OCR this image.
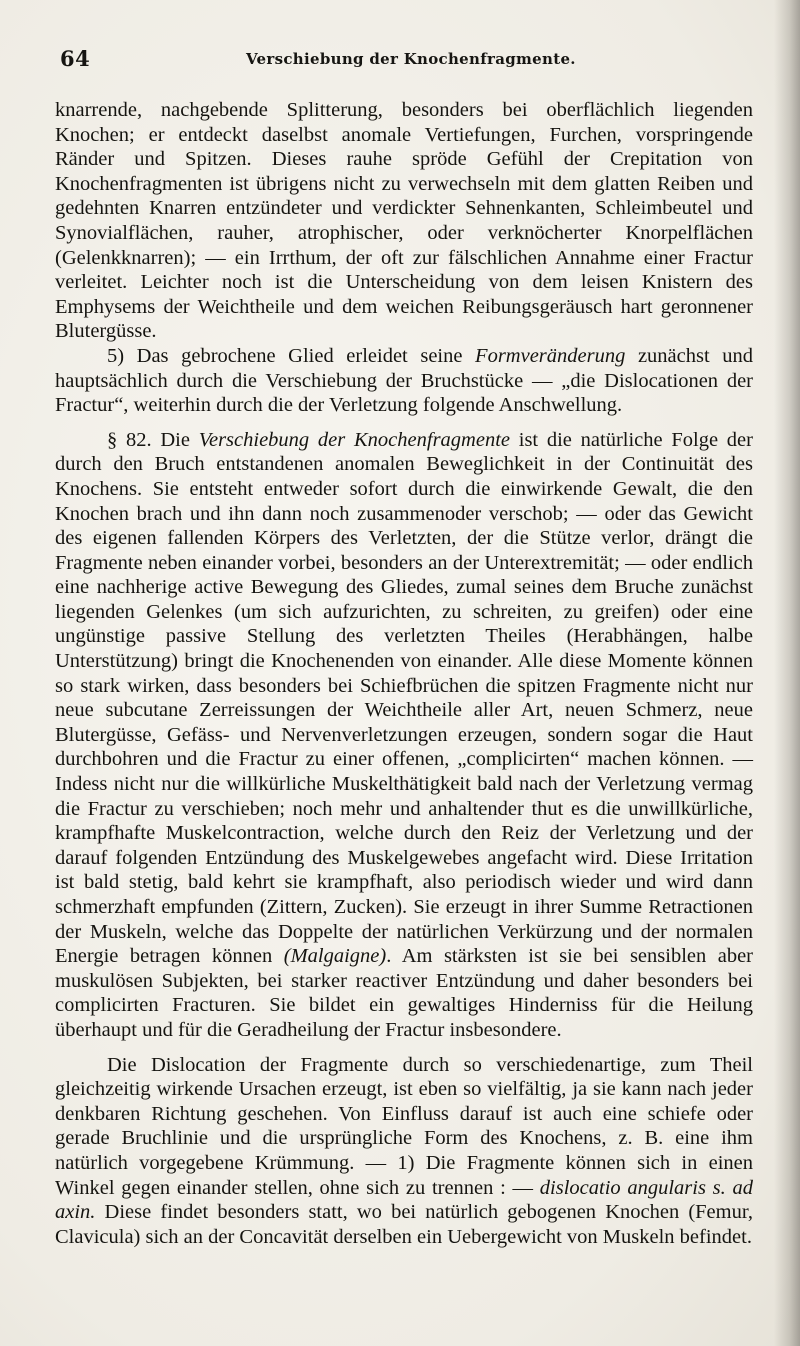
64	Verschiebung der Knochenfragmente.

knarrende, nachgebende Splitterung, besonders bei oberflächlich liegenden Knochen; er entdeckt daselbst anomale Vertiefungen, Furchen, vorspringende Ränder und Spitzen. Dieses rauhe spröde Gefühl der Crepitation von Knochenfragmenten ist übrigens nicht zu verwechseln mit dem glatten Reiben und gedehnten Knarren entzündeter und verdickter Sehnenkanten, Schleimbeutel und Synovialflächen, rauher, atrophischer, oder verknöcherter Knorpelflächen (Gelenkknarren); — ein Irrthum, der oft zur fälschlichen Annahme einer Fractur verleitet. Leichter noch ist die Unterscheidung von dem leisen Knistern des Emphysems der Weichtheile und dem weichen Reibungsgeräusch hart geronnener Blutergüsse.

5) Das gebrochene Glied erleidet seine Formveränderung zunächst und hauptsächlich durch die Verschiebung der Bruchstücke — „die Dislocationen der Fractur“, weiterhin durch die der Verletzung folgende Anschwellung.

§ 82. Die Verschiebung der Knochenfragmente ist die natürliche Folge der durch den Bruch entstandenen anomalen Beweglichkeit in der Continuität des Knochens. Sie entsteht entweder sofort durch die einwirkende Gewalt, die den Knochen brach und ihn dann noch zusammenoder verschob; — oder das Gewicht des eigenen fallenden Körpers des Verletzten, der die Stütze verlor, drängt die Fragmente neben einander vorbei, besonders an der Unterextremität; — oder endlich eine nachherige active Bewegung des Gliedes, zumal seines dem Bruche zunächst liegenden Gelenkes (um sich aufzurichten, zu schreiten, zu greifen) oder eine ungünstige passive Stellung des verletzten Theiles (Herabhängen, halbe Unterstützung) bringt die Knochenenden von einander. Alle diese Momente können so stark wirken, dass besonders bei Schiefbrüchen die spitzen Fragmente nicht nur neue subcutane Zerreissungen der Weichtheile aller Art, neuen Schmerz, neue Blutergüsse, Gefäss- und Nervenverletzungen erzeugen, sondern sogar die Haut durchbohren und die Fractur zu einer offenen, „complicirten“ machen können. — Indess nicht nur die willkürliche Muskelthätigkeit bald nach der Verletzung vermag die Fractur zu verschieben; noch mehr und anhaltender thut es die unwillkürliche, krampfhafte Muskelcontraction, welche durch den Reiz der Verletzung und der darauf folgenden Entzündung des Muskelgewebes angefacht wird. Diese Irritation ist bald stetig, bald kehrt sie krampfhaft, also periodisch wieder und wird dann schmerzhaft empfunden (Zittern, Zucken). Sie erzeugt in ihrer Summe Retractionen der Muskeln, welche das Doppelte der natürlichen Verkürzung und der normalen Energie betragen können (Malgaigne). Am stärksten ist sie bei sensiblen aber muskulösen Subjekten, bei starker reactiver Entzündung und daher besonders bei complicirten Fracturen. Sie bildet ein gewaltiges Hinderniss für die Heilung überhaupt und für die Geradheilung der Fractur insbesondere.

Die Dislocation der Fragmente durch so verschiedenartige, zum Theil gleichzeitig wirkende Ursachen erzeugt, ist eben so vielfältig, ja sie kann nach jeder denkbaren Richtung geschehen. Von Einfluss darauf ist auch eine schiefe oder gerade Bruchlinie und die ursprüngliche Form des Knochens, z. B. eine ihm natürlich vorgegebene Krümmung. — 1) Die Fragmente können sich in einen Winkel gegen einander stellen, ohne sich zu trennen : — dislocatio angularis s. ad axin. Diese findet besonders statt, wo bei natürlich gebogenen Knochen (Femur, Clavicula) sich an der Concavität derselben ein Uebergewicht von Muskeln befindet.
